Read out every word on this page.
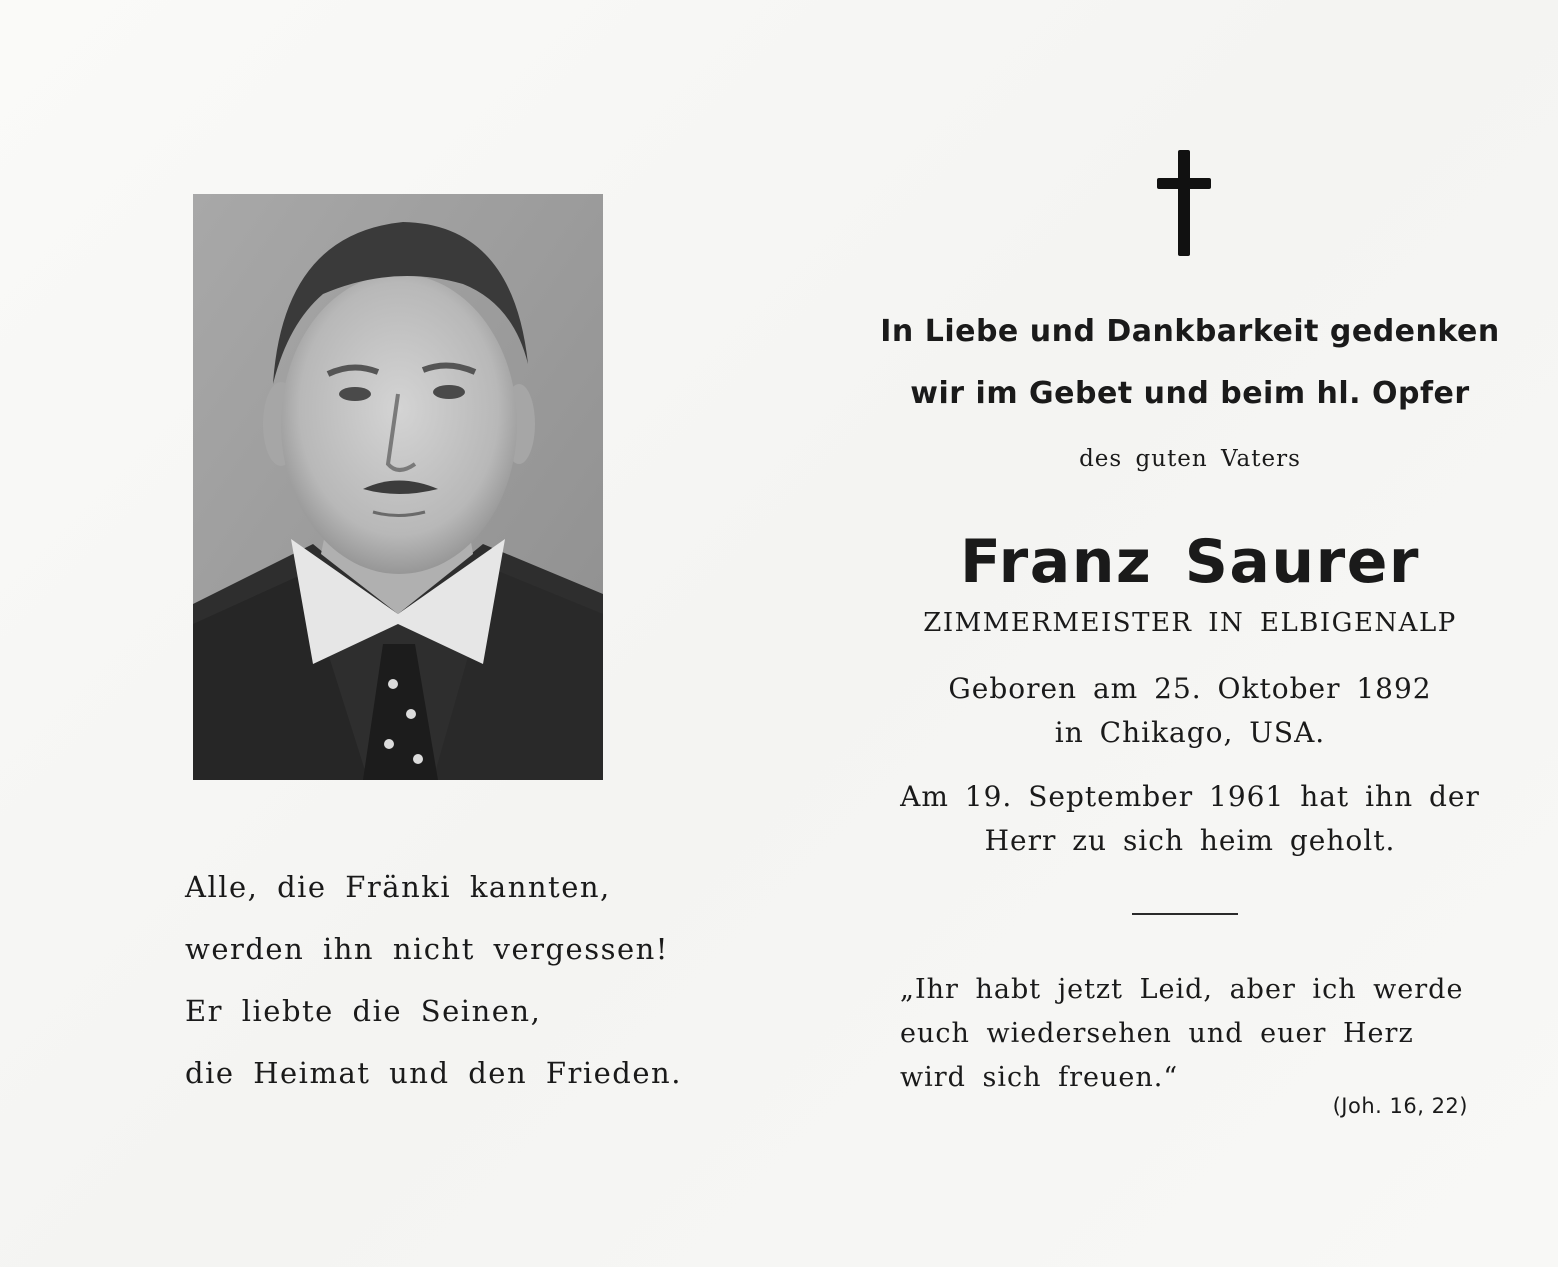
Alle, die Fränki kannten,
werden ihn nicht vergessen!
Er liebte die Seinen,
die Heimat und den Frieden.
In Liebe und Dankbarkeit gedenken
wir im Gebet und beim hl. Opfer
des guten Vaters
Franz Saurer
ZIMMERMEISTER IN ELBIGENALP
Geboren am 25. Oktober 1892
in Chikago, USA.
Am 19. September 1961 hat ihn der
Herr zu sich heim geholt.
„Ihr habt jetzt Leid, aber ich werde
euch wiedersehen und euer Herz
wird sich freuen.“
(Joh. 16, 22)
